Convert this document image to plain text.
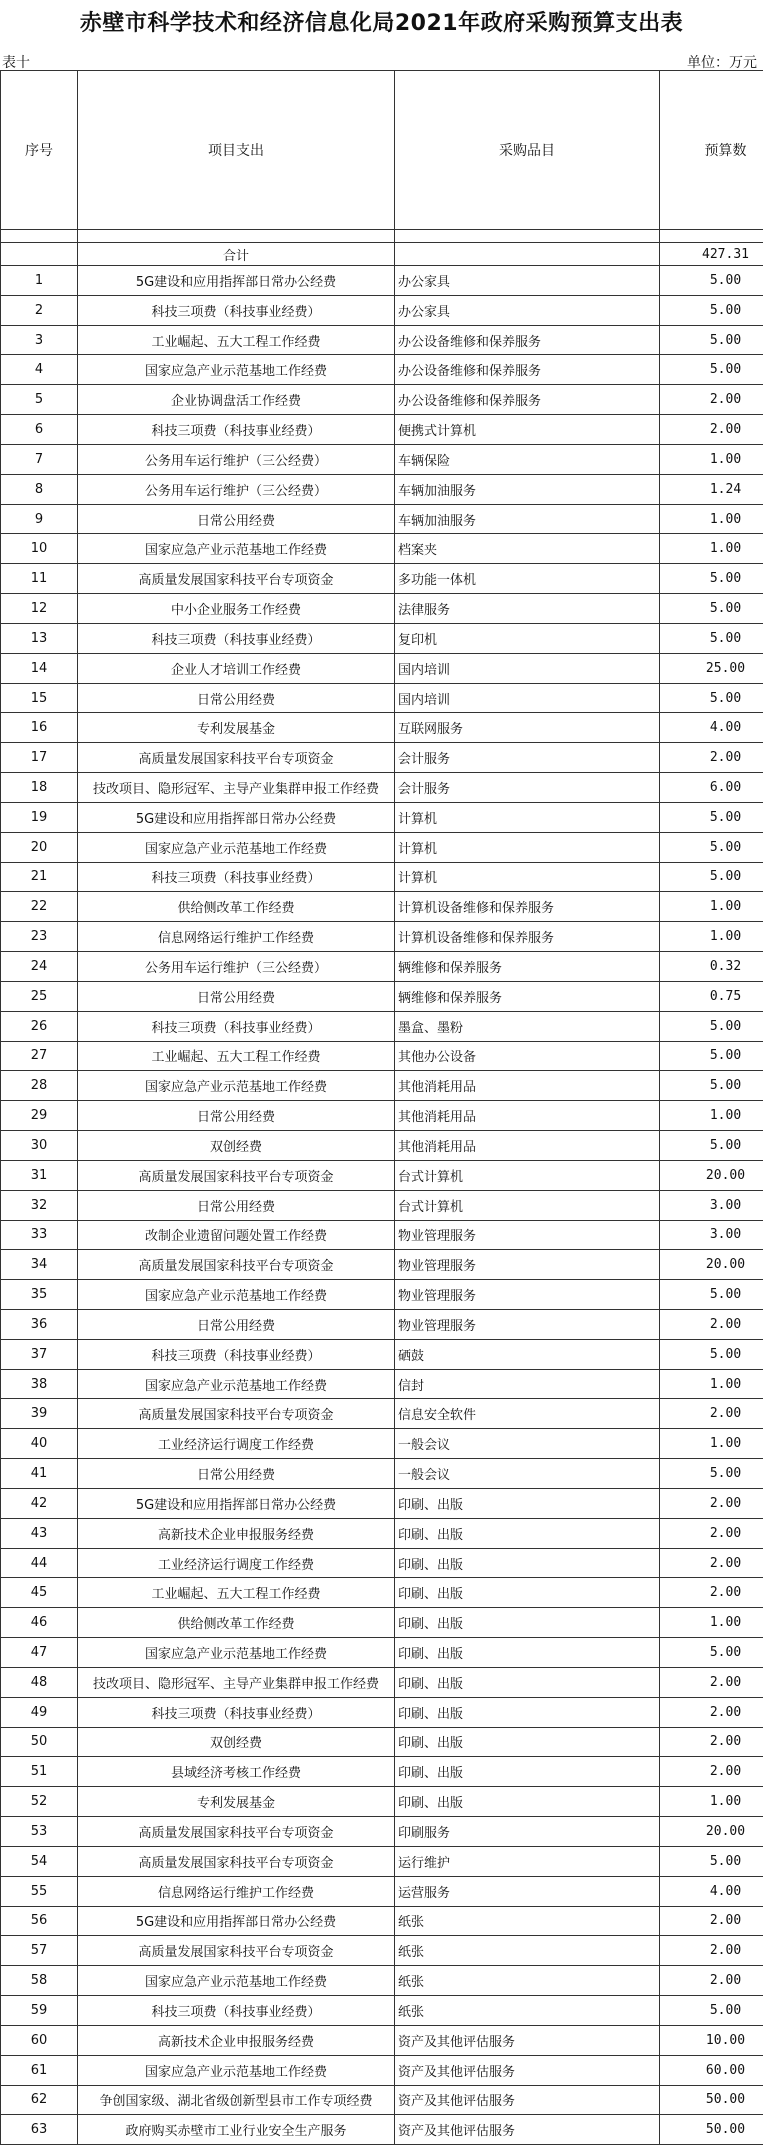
赤壁市科学技术和经济信息化局2021年政府采购预算支出表
表十	单位：万元
序号	项目支出	采购品目	预算数

	合计		427.31
1	5G建设和应用指挥部日常办公经费	办公家具	5.00
2	科技三项费（科技事业经费）	办公家具	5.00
3	工业崛起、五大工程工作经费	办公设备维修和保养服务	5.00
4	国家应急产业示范基地工作经费	办公设备维修和保养服务	5.00
5	企业协调盘活工作经费	办公设备维修和保养服务	2.00
6	科技三项费（科技事业经费）	便携式计算机	2.00
7	公务用车运行维护（三公经费）	车辆保险	1.00
8	公务用车运行维护（三公经费）	车辆加油服务	1.24
9	日常公用经费	车辆加油服务	1.00
10	国家应急产业示范基地工作经费	档案夹	1.00
11	高质量发展国家科技平台专项资金	多功能一体机	5.00
12	中小企业服务工作经费	法律服务	5.00
13	科技三项费（科技事业经费）	复印机	5.00
14	企业人才培训工作经费	国内培训	25.00
15	日常公用经费	国内培训	5.00
16	专利发展基金	互联网服务	4.00
17	高质量发展国家科技平台专项资金	会计服务	2.00
18	技改项目、隐形冠军、主导产业集群申报工作经费	会计服务	6.00
19	5G建设和应用指挥部日常办公经费	计算机	5.00
20	国家应急产业示范基地工作经费	计算机	5.00
21	科技三项费（科技事业经费）	计算机	5.00
22	供给侧改革工作经费	计算机设备维修和保养服务	1.00
23	信息网络运行维护工作经费	计算机设备维修和保养服务	1.00
24	公务用车运行维护（三公经费）	辆维修和保养服务	0.32
25	日常公用经费	辆维修和保养服务	0.75
26	科技三项费（科技事业经费）	墨盒、墨粉	5.00
27	工业崛起、五大工程工作经费	其他办公设备	5.00
28	国家应急产业示范基地工作经费	其他消耗用品	5.00
29	日常公用经费	其他消耗用品	1.00
30	双创经费	其他消耗用品	5.00
31	高质量发展国家科技平台专项资金	台式计算机	20.00
32	日常公用经费	台式计算机	3.00
33	改制企业遗留问题处置工作经费	物业管理服务	3.00
34	高质量发展国家科技平台专项资金	物业管理服务	20.00
35	国家应急产业示范基地工作经费	物业管理服务	5.00
36	日常公用经费	物业管理服务	2.00
37	科技三项费（科技事业经费）	硒鼓	5.00
38	国家应急产业示范基地工作经费	信封	1.00
39	高质量发展国家科技平台专项资金	信息安全软件	2.00
40	工业经济运行调度工作经费	一般会议	1.00
41	日常公用经费	一般会议	5.00
42	5G建设和应用指挥部日常办公经费	印刷、出版	2.00
43	高新技术企业申报服务经费	印刷、出版	2.00
44	工业经济运行调度工作经费	印刷、出版	2.00
45	工业崛起、五大工程工作经费	印刷、出版	2.00
46	供给侧改革工作经费	印刷、出版	1.00
47	国家应急产业示范基地工作经费	印刷、出版	5.00
48	技改项目、隐形冠军、主导产业集群申报工作经费	印刷、出版	2.00
49	科技三项费（科技事业经费）	印刷、出版	2.00
50	双创经费	印刷、出版	2.00
51	县域经济考核工作经费	印刷、出版	2.00
52	专利发展基金	印刷、出版	1.00
53	高质量发展国家科技平台专项资金	印刷服务	20.00
54	高质量发展国家科技平台专项资金	运行维护	5.00
55	信息网络运行维护工作经费	运营服务	4.00
56	5G建设和应用指挥部日常办公经费	纸张	2.00
57	高质量发展国家科技平台专项资金	纸张	2.00
58	国家应急产业示范基地工作经费	纸张	2.00
59	科技三项费（科技事业经费）	纸张	5.00
60	高新技术企业申报服务经费	资产及其他评估服务	10.00
61	国家应急产业示范基地工作经费	资产及其他评估服务	60.00
62	争创国家级、湖北省级创新型县市工作专项经费	资产及其他评估服务	50.00
63	政府购买赤壁市工业行业安全生产服务	资产及其他评估服务	50.00
